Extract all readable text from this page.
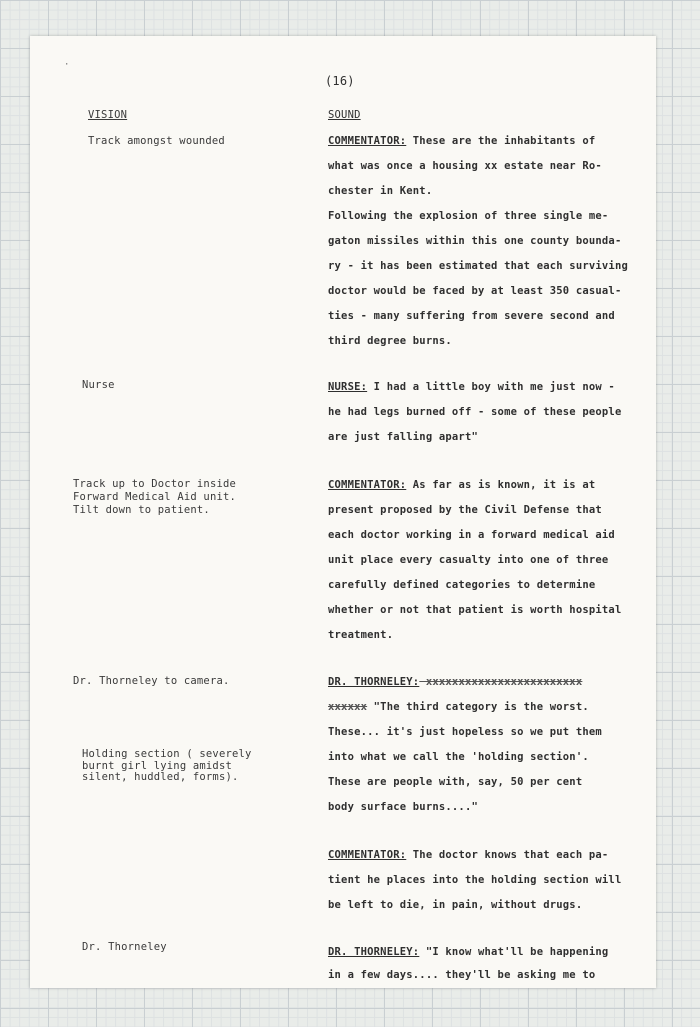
·
(16)
VISION	SOUND
Track amongst wounded
Nurse
Track up to Doctor inside
Forward Medical Aid unit.
Tilt down to patient.
Dr. Thorneley to camera.
Holding section ( severely
burnt girl lying amidst
silent, huddled, forms).
Dr. Thorneley
COMMENTATOR: These are the inhabitants of
what was once a housing xx estate near Ro-
chester in Kent.
Following the explosion of three single me-
gaton missiles within this one county bounda-
ry - it has been estimated that each surviving
doctor would be faced by at least 350 casual-
ties - many suffering from severe second and
third degree burns.
NURSE: I had a little boy with me just now -
he had legs burned off - some of these people
are just falling apart"
COMMENTATOR: As far as is known, it is at
present proposed by the Civil Defense that
each doctor working in a forward medical aid
unit place every casualty into one of three
carefully defined categories to determine
whether or not that patient is worth hospital
treatment.
DR. THORNELEY: xxxxxxxxxxxxxxxxxxxxxxxx
xxxxxx "The third category is the worst.
These... it's just hopeless so we put them
into what we call the 'holding section'.
These are people with, say, 50 per cent
body surface burns...."
COMMENTATOR: The doctor knows that each pa-
tient he places into the holding section will
be left to die, in pain, without drugs.
DR. THORNELEY: "I know what'll be happening
in a few days.... they'll be asking me to
